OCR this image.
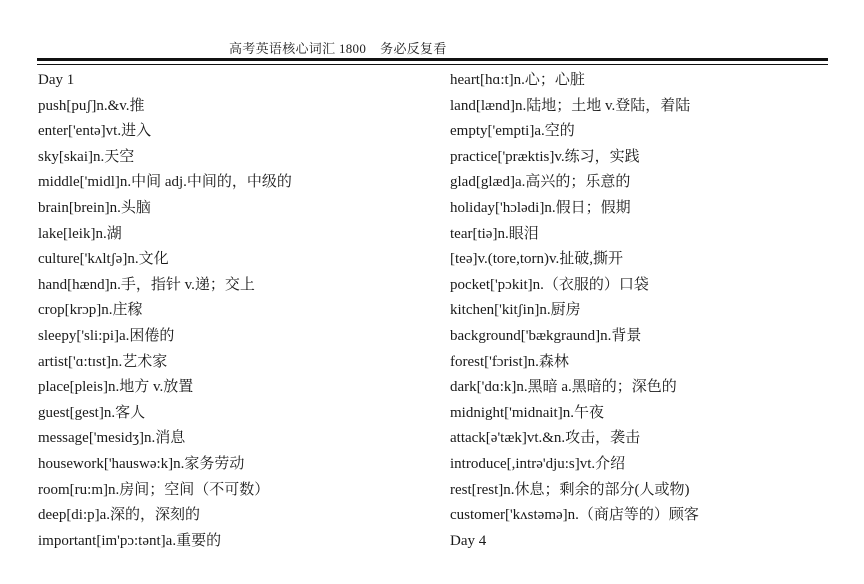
高考英语核心词汇 1800 务必反复看
Day 1
push[puʃ]n.&v.推
enter['entə]vt.进入
sky[skai]n.天空
middle['midl]n.中间 adj.中间的，中级的
brain[brein]n.头脑
lake[leik]n.湖
culture['kʌltʃə]n.文化
hand[hænd]n.手，指针 v.递；交上
crop[krɔp]n.庄稼
sleepy['sli:pi]a.困倦的
artist['ɑ:tɪst]n.艺术家
place[pleis]n.地方 v.放置
guest[gest]n.客人
message['mesidʒ]n.消息
housework['hauswə:k]n.家务劳动
room[ru:m]n.房间；空间（不可数）
deep[di:p]a.深的，深刻的
important[im'pɔ:tənt]a.重要的
heart[hɑ:t]n.心；心脏
land[lænd]n.陆地；土地 v.登陆，着陆
empty['empti]a.空的
practice['præktis]v.练习，实践
glad[glæd]a.高兴的；乐意的
holiday['hɔlədi]n.假日；假期
tear[tiə]n.眼泪
[teə]v.(tore,torn)v.扯破,撕开
pocket['pɔkit]n.（衣服的）口袋
kitchen['kitʃin]n.厨房
background['bækgraund]n.背景
forest['fɔrist]n.森林
dark['dɑ:k]n.黑暗 a.黑暗的；深色的
midnight['midnait]n.午夜
attack[ə'tæk]vt.&n.攻击，袭击
introduce[,intrə'dju:s]vt.介绍
rest[rest]n.休息；剩余的部分(人或物)
customer['kʌstəmə]n.（商店等的）顾客
Day 4
